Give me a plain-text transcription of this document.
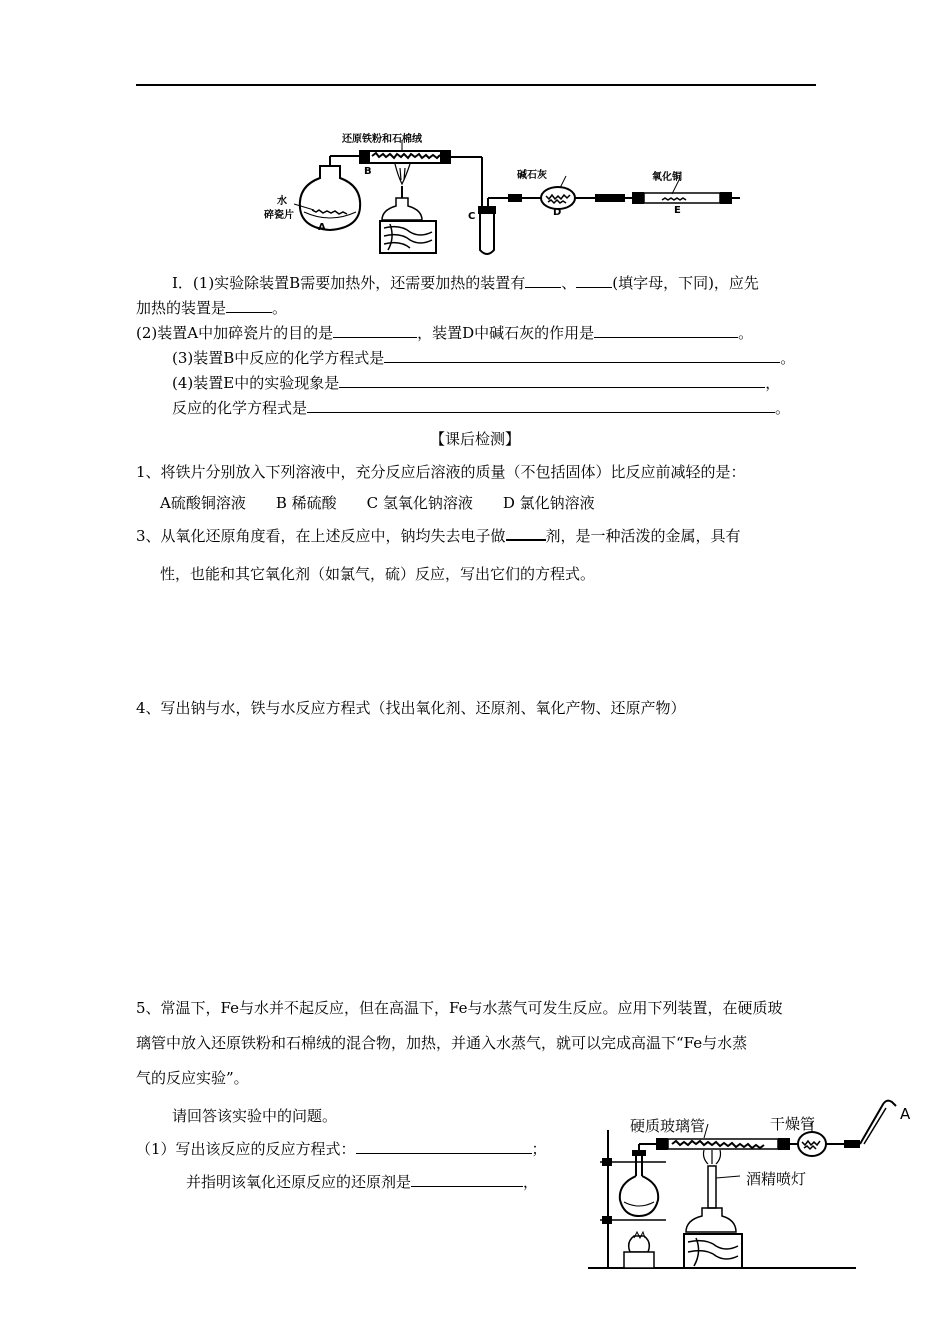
还原铁粉和石棉绒
水
碎瓷片
碱石灰	氧化铜
A
B
C	D	E
Ⅰ．(1)实验除装置B需要加热外，还需要加热的装置有 、 (填字母，下同)，应先
加热的装置是	。
(2)装置A中加碎瓷片的目的是	，装置D中碱石灰的作用是	。
(3)装置B中反应的化学方程式是	。
(4)装置E中的实验现象是	，
反应的化学方程式是	。
【课后检测】
1、将铁片分别放入下列溶液中，充分反应后溶液的质量（不包括固体）比反应前减轻的是：
A硫酸铜溶液　　B 稀硫酸　　C 氢氧化钠溶液　　D 氯化钠溶液
3、从氧化还原角度看，在上述反应中，钠均失去电子做	剂，是一种活泼的金属，具有
性，也能和其它氧化剂（如氯气，硫）反应，写出它们的方程式。
4、写出钠与水，铁与水反应方程式（找出氧化剂、还原剂、氧化产物、还原产物）
5、常温下，Fe与水并不起反应，但在高温下，Fe与水蒸气可发生反应。应用下列装置，在硬质玻
璃管中放入还原铁粉和石棉绒的混合物，加热，并通入水蒸气，就可以完成高温下“Fe与水蒸
气的反应实验”。
请回答该实验中的问题。
（1）写出该反应的反应方程式：	；
并指明该氧化还原反应的还原剂是	，
硬质玻璃管	干燥管
酒精喷灯
A
